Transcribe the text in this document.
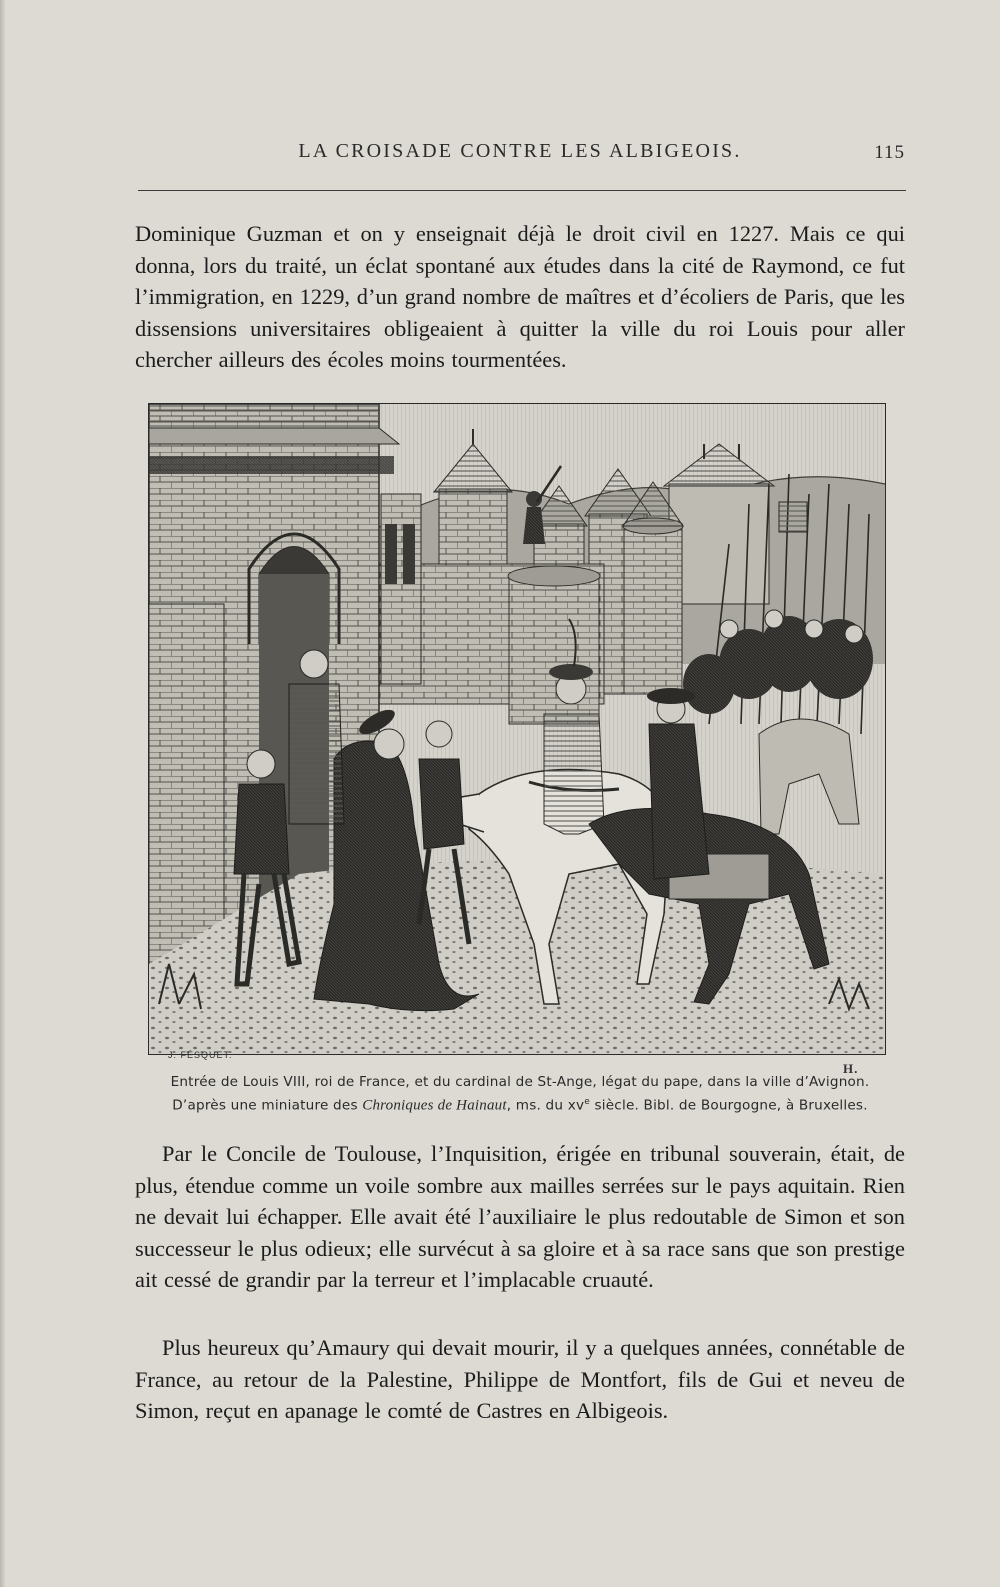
LA CROISADE CONTRE LES ALBIGEOIS.	115

Dominique Guzman et on y enseignait déjà le droit civil en 1227. Mais ce qui donna, lors du traité, un éclat spontané aux études dans la cité de Raymond, ce fut l’immigration, en 1229, d’un grand nombre de maîtres et d’écoliers de Paris, que les dissensions universitaires obligeaient à quitter la ville du roi Louis pour aller chercher ailleurs des écoles moins tourmentées.

J. FÉSQUET.
H.
Entrée de Louis VIII, roi de France, et du cardinal de St-Ange, légat du pape, dans la ville d’Avignon.
D’après une miniature des Chroniques de Hainaut, ms. du $xv^e$ siècle. Bibl. de Bourgogne, à Bruxelles.

Par le Concile de Toulouse, l’Inquisition, érigée en tribunal souverain, était, de plus, étendue comme un voile sombre aux mailles serrées sur le pays aquitain. Rien ne devait lui échapper. Elle avait été l’auxiliaire le plus redoutable de Simon et son successeur le plus odieux; elle survécut à sa gloire et à sa race sans que son prestige ait cessé de grandir par la terreur et l’implacable cruauté.

Plus heureux qu’Amaury qui devait mourir, il y a quelques années, connétable de France, au retour de la Palestine, Philippe de Montfort, fils de Gui et neveu de Simon, reçut en apanage le comté de Castres en Albigeois.
